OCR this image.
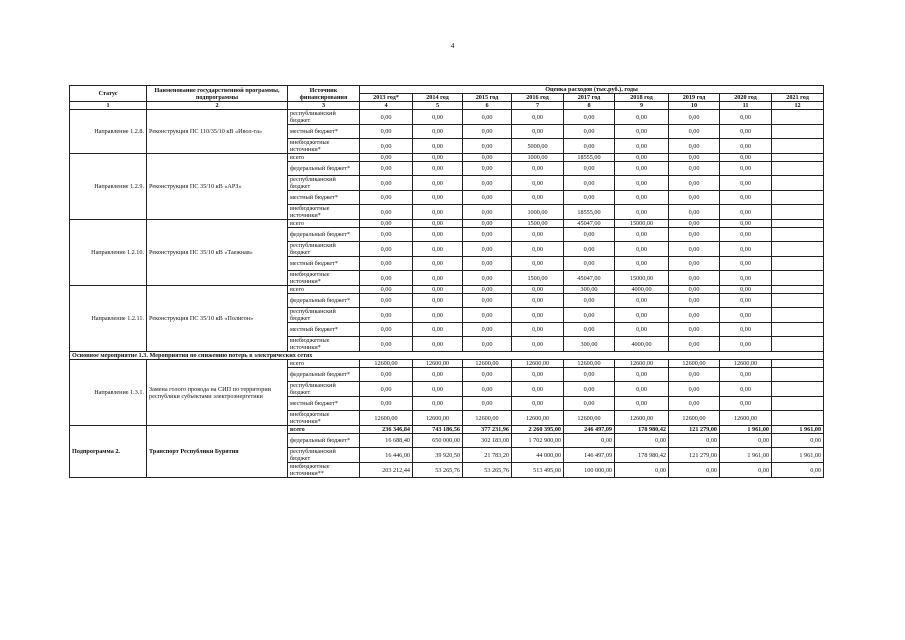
4
Статус	Наименование государственной программы, подпрограммы	Источник финансирования	Оценка расходов (тыс.руб.), годы								
			2013 год*	2014 год	2015 год	2016 год	2017 год	2018 год	2019 год	2020 год	2021 год
1	2	3	4	5	6	7	8	9	10	11	12
Направление 1.2.8.	Реконструкция ПС 110/35/10 кВ «Ивол-га»	республиканский бюджет	0,00	0,00	0,00	0,00	0,00	0,00	0,00	0,00	
		местный бюджет*	0,00	0,00	0,00	0,00	0,00	0,00	0,00	0,00	
		внебюджетные источники*	0,00	0,00	0,00	5000,00	0,00	0,00	0,00	0,00	
Направление 1.2.9.	Реконструкция ПС 35/10 кВ «АРЗ»	всего	0,00	0,00	0,00	1000,00	18555,00	0,00	0,00	0,00	
		федеральный бюджет*	0,00	0,00	0,00	0,00	0,00	0,00	0,00	0,00	
		республиканский бюджет	0,00	0,00	0,00	0,00	0,00	0,00	0,00	0,00	
		местный бюджет*	0,00	0,00	0,00	0,00	0,00	0,00	0,00	0,00	
		внебюджетные источники*	0,00	0,00	0,00	1000,00	18555,00	0,00	0,00	0,00	
Направление 1.2.10.	Реконструкция ПС 35/10 кВ «Таежная»	всего	0,00	0,00	0,00	1500,00	45047,00	15000,00	0,00	0,00	
		федеральный бюджет*	0,00	0,00	0,00	0,00	0,00	0,00	0,00	0,00	
		республиканский бюджет	0,00	0,00	0,00	0,00	0,00	0,00	0,00	0,00	
		местный бюджет*	0,00	0,00	0,00	0,00	0,00	0,00	0,00	0,00	
		внебюджетные источники*	0,00	0,00	0,00	1500,00	45047,00	15000,00	0,00	0,00	
Направление 1.2.11.	Реконструкция ПС 35/10 кВ «Полигон»	всего	0,00	0,00	0,00	0,00	300,00	4000,00	0,00	0,00	
		федеральный бюджет*	0,00	0,00	0,00	0,00	0,00	0,00	0,00	0,00	
		республиканский бюджет	0,00	0,00	0,00	0,00	0,00	0,00	0,00	0,00	
		местный бюджет*	0,00	0,00	0,00	0,00	0,00	0,00	0,00	0,00	
		внебюджетные источники*	0,00	0,00	0,00	0,00	300,00	4000,00	0,00	0,00	
Основное мероприятие 1.3. Мероприятия по снижению потерь в электрических сетях											
Направление 1.3.1.	Замена голого провода на СИП по территории республики субъектами электроэнергетики	всего	12600,00	12600,00	12600,00	12600,00	12600,00	12600,00	12600,00	12600,00	
		федеральный бюджет*	0,00	0,00	0,00	0,00	0,00	0,00	0,00	0,00	
		республиканский бюджет	0,00	0,00	0,00	0,00	0,00	0,00	0,00	0,00	
		местный бюджет*	0,00	0,00	0,00	0,00	0,00	0,00	0,00	0,00	
		внебюджетные источники*	12600,00	12600,00	12600,00	12600,00	12600,00	12600,00	12600,00	12600,00	
Подпрограмма 2.	Транспорт Республики Бурятия	всего	236 346,84	743 186,56	377 231,96	2 260 395,00	246 497,09	178 980,42	121 279,00	1 961,00	1 961,00
		федеральный бюджет*	16 688,40	650 000,00	302 183,00	1 702 900,00	0,00	0,00	0,00	0,00	0,00
		республиканский бюджет	16 446,00	39 920,50	21 783,20	44 000,00	146 497,09	178 980,42	121 279,00	1 961,00	1 961,00
		внебюджетные источники**	203 212,44	53 265,76	53 265,76	513 495,00	100 000,00	0,00	0,00	0,00	0,00
